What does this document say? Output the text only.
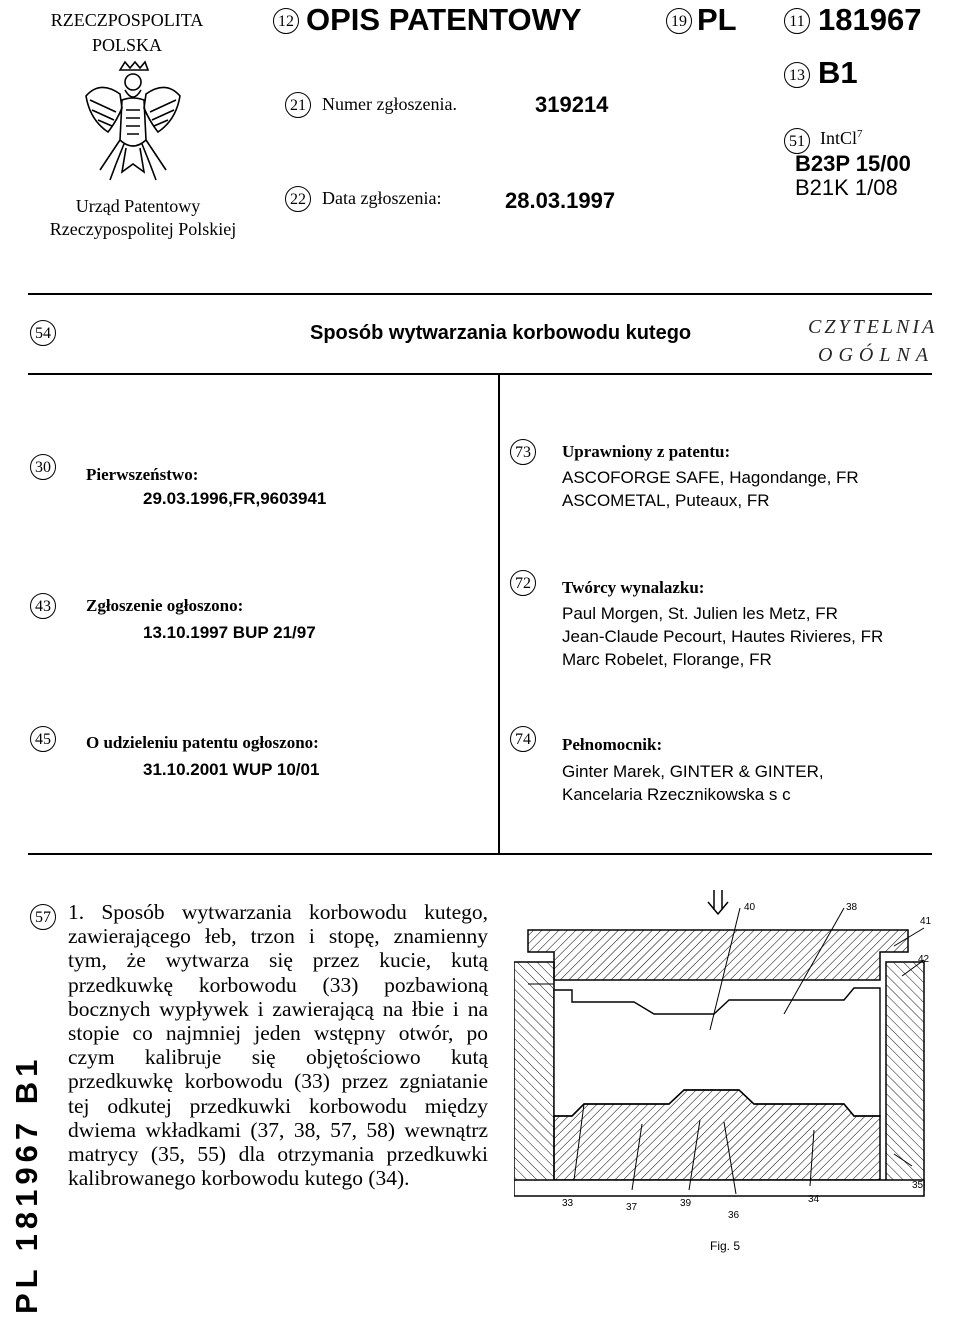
RZECZPOSPOLITA
POLSKA
Urząd Patentowy
Rzeczypospolitej Polskiej
12 OPIS PATENTOWY	19 PL	11 181967
13 B1
21 Numer zgłoszenia.	319214
22 Data zgłoszenia:	28.03.1997
51 IntCl$^7$
B23P 15/00
B21K 1/08
54	Sposób wytwarzania korbowodu kutego	CZYTELNIA
OGÓLNA
30 Pierwszeństwo:
29.03.1996,FR,9603941
43 Zgłoszenie ogłoszono:
13.10.1997 BUP 21/97
45 O udzieleniu patentu ogłoszono:
31.10.2001 WUP 10/01
73 Uprawniony z patentu:
ASCOFORGE SAFE, Hagondange, FR
ASCOMETAL, Puteaux, FR
72 Twórcy wynalazku:
Paul Morgen, St. Julien les Metz, FR
Jean-Claude Pecourt, Hautes Rivieres, FR
Marc Robelet, Florange, FR
74 Pełnomocnik:
Ginter Marek, GINTER & GINTER,
Kancelaria Rzecznikowska s c
57 1. Sposób wytwarzania korbowodu kutego, zawierającego łeb, trzon i stopę, znamienny tym, że wytwarza się przez kucie, kutą przedkuwkę korbowodu (33) pozbawioną bocznych wypływek i zawierającą na łbie i na stopie co najmniej jeden wstępny otwór, po czym kalibruje się objętościowo kutą przedkuwkę korbowodu (33) przez zgniatanie tej odkutej przedkuwki korbowodu między dwiema wkładkami (37, 38, 57, 58) wewnątrz matrycy (35, 55) dla otrzymania przedkuwki kalibrowanego korbowodu kutego (34).
PL 181967 B1
40	38
41
42
33	37	39
36
34
35
Fig. 5
